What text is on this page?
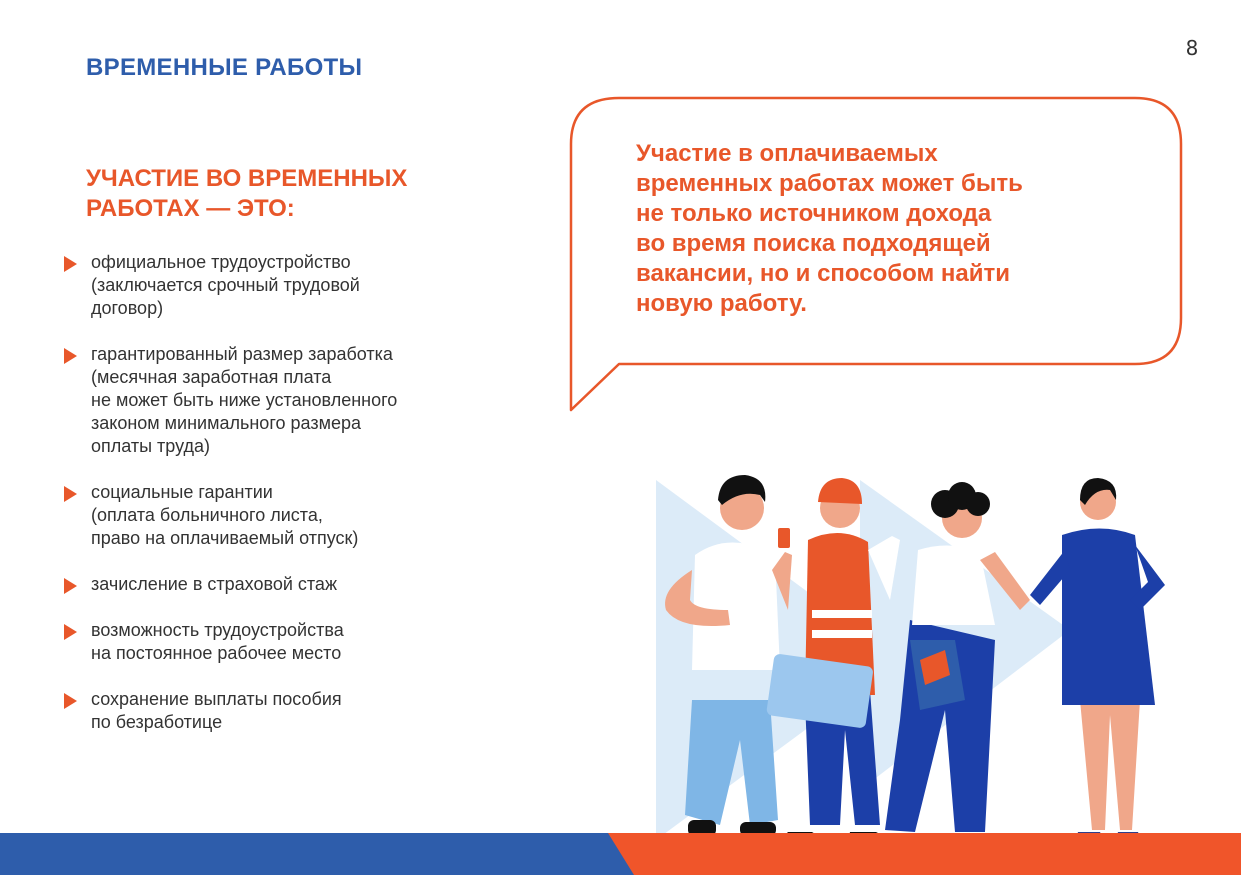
8
ВРЕМЕННЫЕ РАБОТЫ
УЧАСТИЕ ВО ВРЕМЕННЫХ
РАБОТАХ — ЭТО:
официальное трудоустройство
(заключается срочный трудовой
договор)
гарантированный размер заработка
(месячная заработная плата
не может быть ниже установленного
законом минимального размера
оплаты труда)
социальные гарантии
(оплата больничного листа,
право на оплачиваемый отпуск)
зачисление в страховой стаж
возможность трудоустройства
на постоянное рабочее место
сохранение выплаты пособия
по безработице

Участие в оплачиваемых
временных работах может быть
не только источником дохода
во время поиска подходящей
вакансии, но и способом найти
новую работу.
